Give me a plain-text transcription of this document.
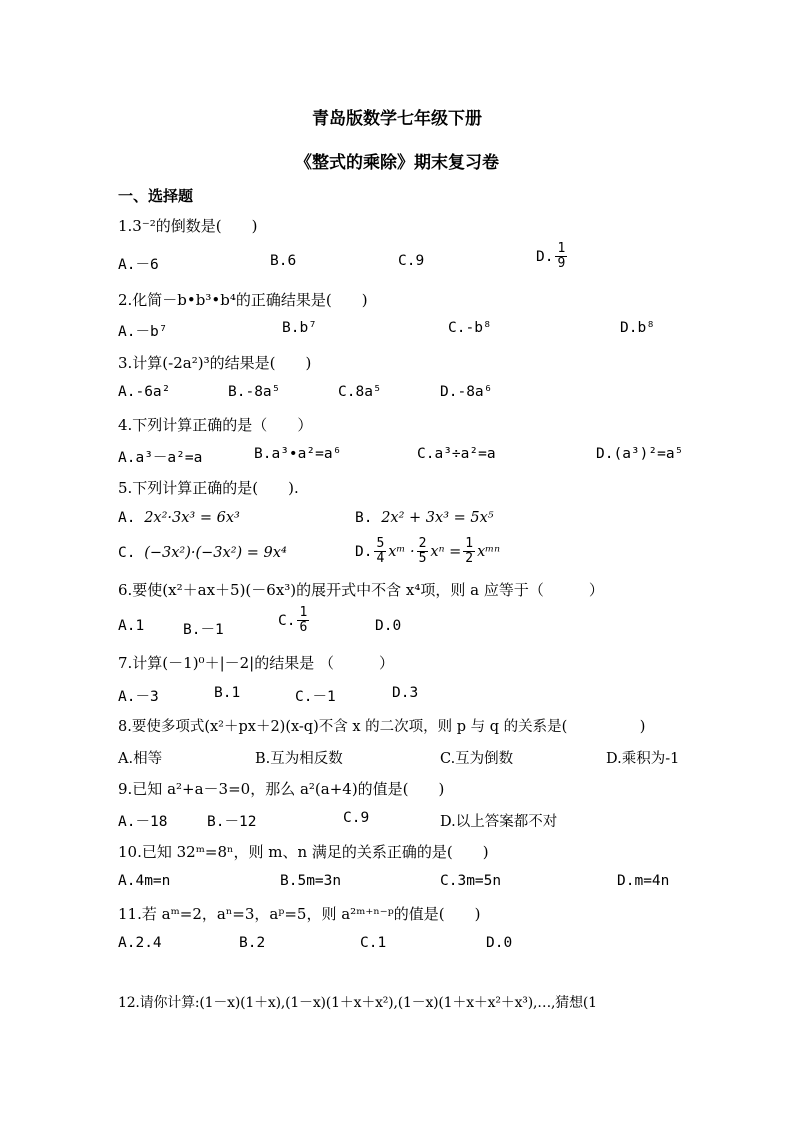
青岛版数学七年级下册
《整式的乘除》期末复习卷
一、选择题
1.3⁻²的倒数是(　　)
A.－6	B.6	C.9	D. $\frac{1}{9}$
2.化简－b•b³•b⁴的正确结果是(　　)
A.－b⁷	B.b⁷	C.-b⁸	D.b⁸
3.计算(-2a²)³的结果是(　　)
A.-6a²	B.-8a⁵	C.8a⁵	D.-8a⁶
4.下列计算正确的是（　　）
A.a³－a²=a	B.a³•a²=a⁶	C.a³÷a²=a	D.(a³)²=a⁵
5.下列计算正确的是(　　).
A. 2x²·3x³ = 6x³	B. 2x² + 3x³ = 5x⁵
C. (−3x²)·(−3x²) = 9x⁴	D. $\frac{5}{4}$ xᵐ · $\frac{2}{5}$ $x^n = \frac{1}{2}$ xᵐⁿ
6.要使(x²＋ax＋5)(－6x³)的展开式中不含 x⁴项，则 a 应等于（　　　）
A.1	B.－1
C. $\frac{1}{6}$	D.0
7.计算(－1)⁰＋|－2|的结果是 （　　　）
A.－3	B.1	C.－1	D.3
8.要使多项式(x²＋px＋2)(x-q)不含 x 的二次项，则 p 与 q 的关系是(　　　　　)
A.相等	B.互为相反数	C.互为倒数	D.乘积为-1
9.已知 a²+a－3=0，那么 a²(a+4)的值是(　　)
A.－18	B.－12	C.9	D.以上答案都不对
10.已知 32ᵐ=8ⁿ，则 m、n 满足的关系正确的是(　　)
A.4m=n	B.5m=3n	C.3m=5n	D.m=4n
11.若 aᵐ=2，aⁿ=3，aᵖ=5，则 a²ᵐ⁺ⁿ⁻ᵖ的值是(　　)
A.2.4	B.2	C.1	D.0
12.请你计算:(1－x)(1＋x),(1－x)(1＋x＋x²),(1－x)(1＋x＋x²＋x³),…,猜想(1
